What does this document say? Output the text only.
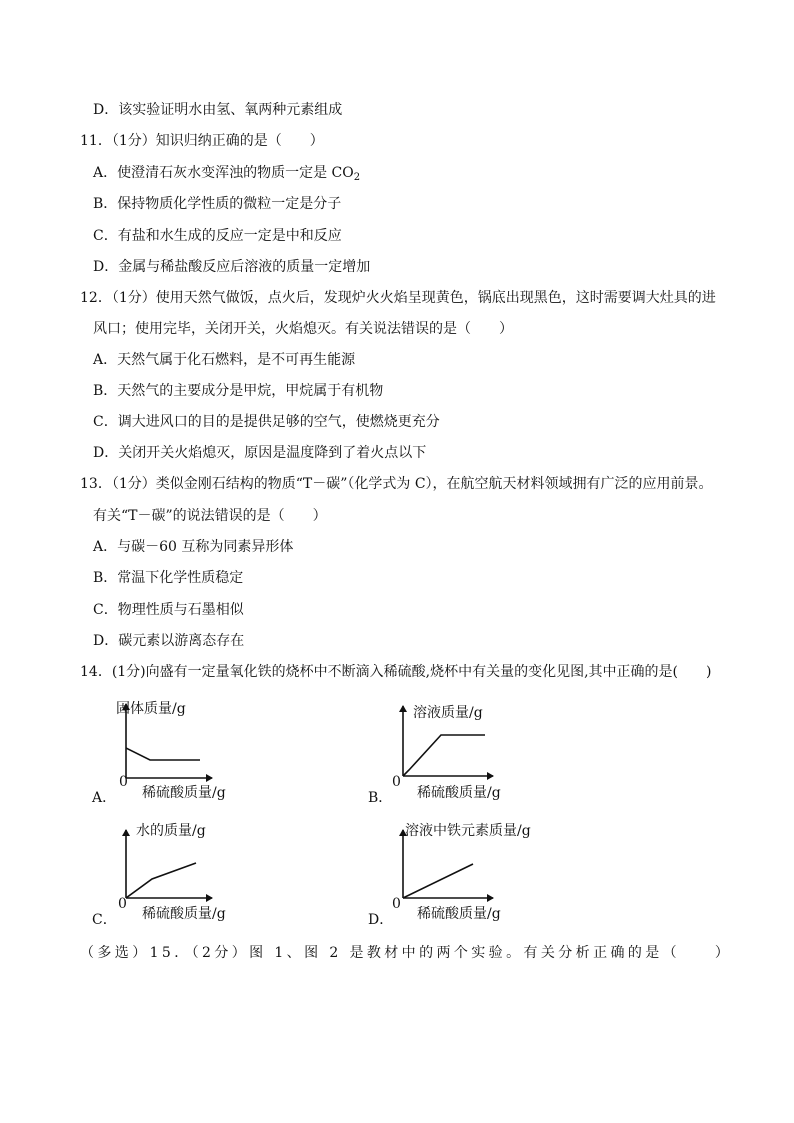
D．该实验证明水由氢、氧两种元素组成
11．（1分）知识归纳正确的是（　　）
A．使澄清石灰水变浑浊的物质一定是 $CO_2$
B．保持物质化学性质的微粒一定是分子
C．有盐和水生成的反应一定是中和反应
D．金属与稀盐酸反应后溶液的质量一定增加
12．（1分）使用天然气做饭，点火后，发现炉火火焰呈现黄色，锅底出现黑色，这时需要调大灶具的进
风口；使用完毕，关闭开关，火焰熄灭。有关说法错误的是（　　）
A．天然气属于化石燃料，是不可再生能源
B．天然气的主要成分是甲烷，甲烷属于有机物
C．调大进风口的目的是提供足够的空气，使燃烧更充分
D．关闭开关火焰熄灭，原因是温度降到了着火点以下
13．（1分）类似金刚石结构的物质“T－碳”（化学式为 C），在航空航天材料领域拥有广泛的应用前景。
有关“T－碳”的说法错误的是（　　）
A．与碳－60 互称为同素异形体
B．常温下化学性质稳定
C．物理性质与石墨相似
D．碳元素以游离态存在
14．(1分)向盛有一定量氧化铁的烧杯中不断滴入稀硫酸,烧杯中有关量的变化见图,其中正确的是(　　)
固体质量/g
0
稀硫酸质量/g
A．
溶液质量/g
0
稀硫酸质量/g
B．
水的质量/g
0
稀硫酸质量/g
C．
溶液中铁元素质量/g
0
稀硫酸质量/g
D．
（多选）15．（2分）图 1、图 2 是教材中的两个实验。有关分析正确的是（　　）
